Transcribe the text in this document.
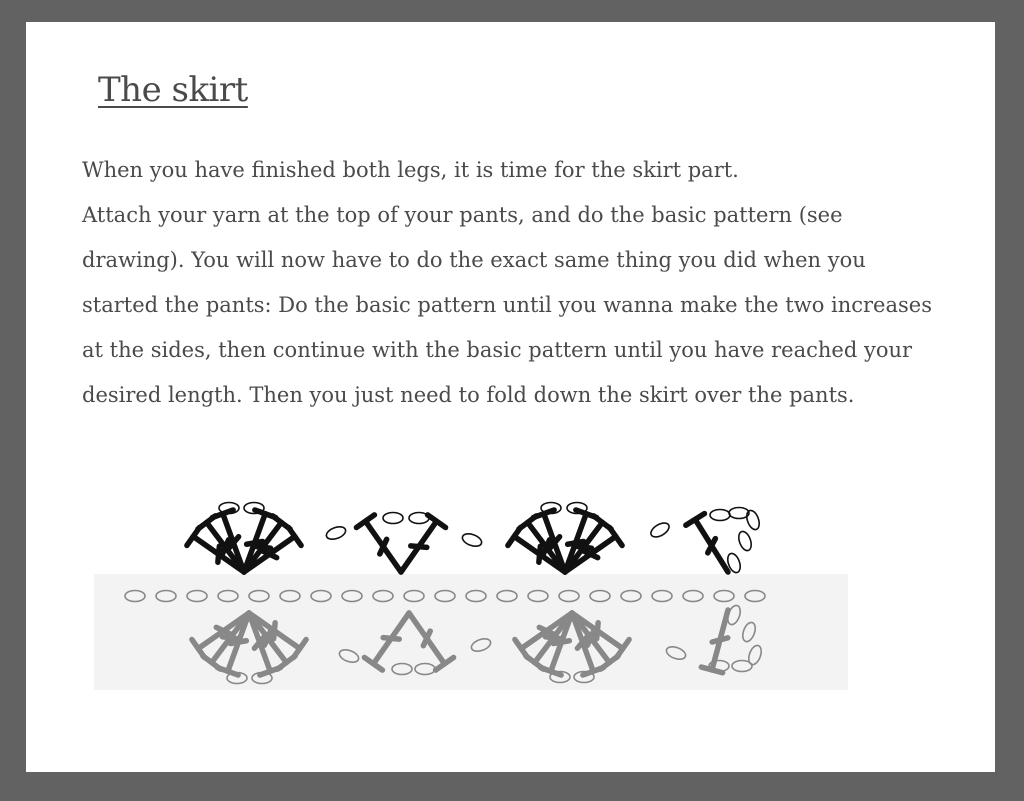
The skirt

When you have finished both legs, it is time for the skirt part.

Attach your yarn at the top of your pants, and do the basic pattern (see drawing). You will now have to do the exact same thing you did when you started the pants: Do the basic pattern until you wanna make the two increases at the sides, then continue with the basic pattern until you have reached your desired length. Then you just need to fold down the skirt over the pants.
